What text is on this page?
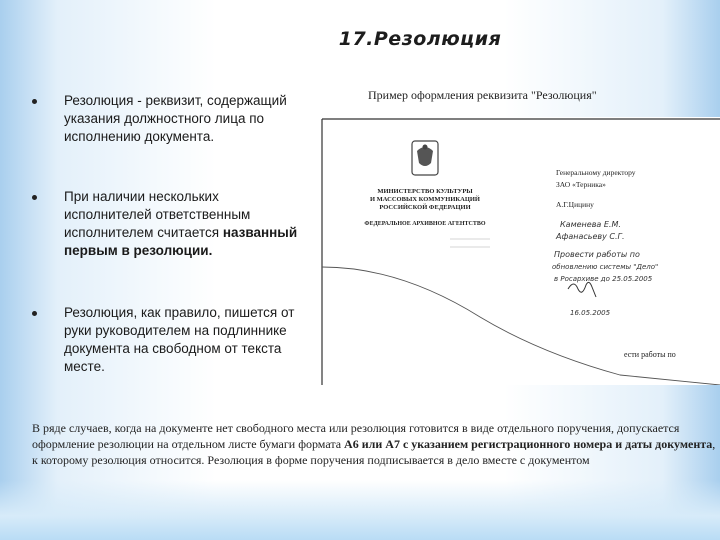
17.Резолюция
Резолюция - реквизит, содержащий указания должностного лица по исполнению документа.
При наличии нескольких исполнителей ответственным исполнителем считается названный первым в резолюции.
Резолюция, как правило, пишется от руки руководителем на подлиннике документа на свободном от текста месте.
Пример оформления реквизита "Резолюция"
МИНИСТЕРСТВО КУЛЬТУРЫ
И МАССОВЫХ КОММУНИКАЦИЙ
РОССИЙСКОЙ ФЕДЕРАЦИИ
ФЕДЕРАЛЬНОЕ АРХИВНОЕ АГЕНТСТВО
Генеральному директору
ЗАО «Терника»
А.Г.Цицину
Каменева Е.М.
Афанасьеву С.Г.
Провести работы по
обновлению системы "Дело"
в Росархиве до 25.05.2005
16.05.2005
ести работы по
В ряде случаев, когда на документе нет свободного места или резолюция готовится в виде отдельного поручения, допускается оформление резолюции на отдельном листе бумаги формата А6 или А7 с указанием регистрационного номера и даты документа, к которому резолюция относится. Резолюция в форме поручения подписывается в дело вместе с документом
